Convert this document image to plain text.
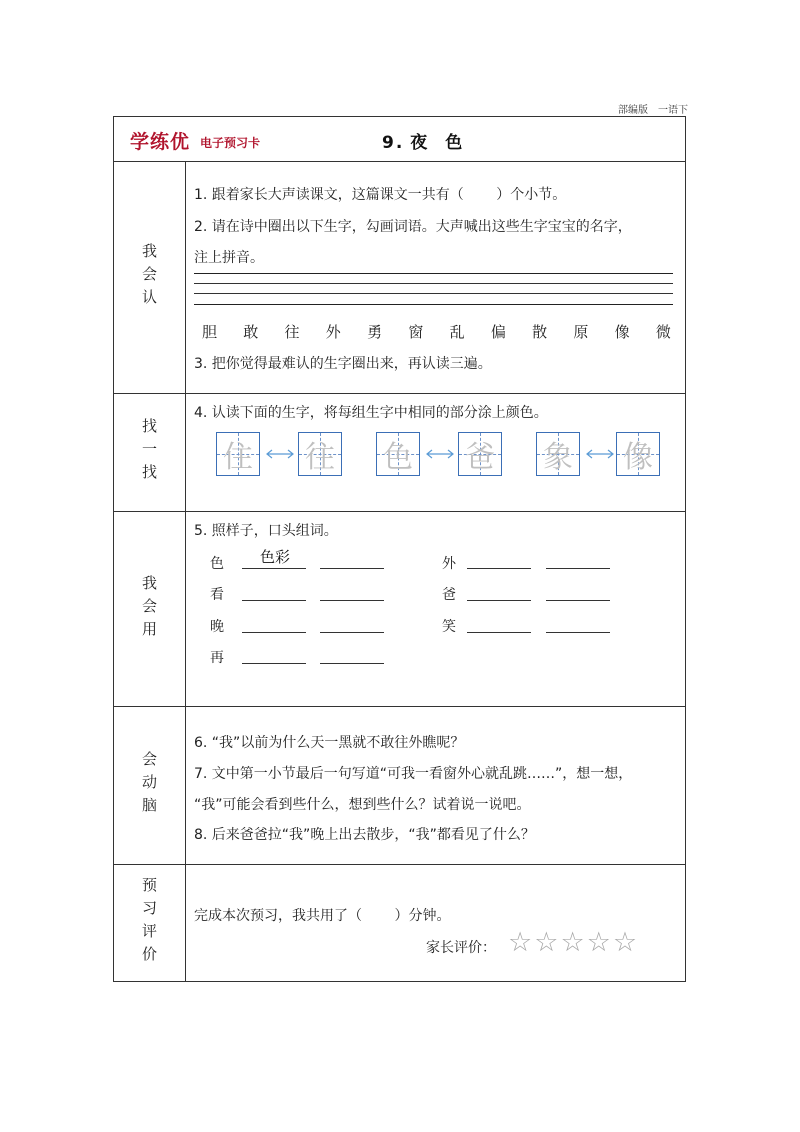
部编版　一语下
学练优 电子预习卡	9. 夜 色
我会认
1. 跟着家长大声读课文，这篇课文一共有（　　 ）个小节。
2. 请在诗中圈出以下生字，勾画词语。大声喊出这些生字宝宝的名字，
注上拼音。
胆 敢 往 外 勇 窗 乱 偏 散 原 像 微
3. 把你觉得最难认的生字圈出来，再认读三遍。
找一找
4. 认读下面的生字，将每组生字中相同的部分涂上颜色。
住 往 色 爸 象 像
我会用
5. 照样子，口头组词。
色 色彩
看
晚
再
外
爸
笑
会动脑
6. “我”以前为什么天一黑就不敢往外瞧呢？
7. 文中第一小节最后一句写道“可我一看窗外心就乱跳……”，想一想，
“我”可能会看到些什么，想到些什么？试着说一说吧。
8. 后来爸爸拉“我”晚上出去散步，“我”都看见了什么？
预习评价	完成本次预习，我共用了（　　 ）分钟。
家长评价： ☆ ☆ ☆ ☆ ☆
